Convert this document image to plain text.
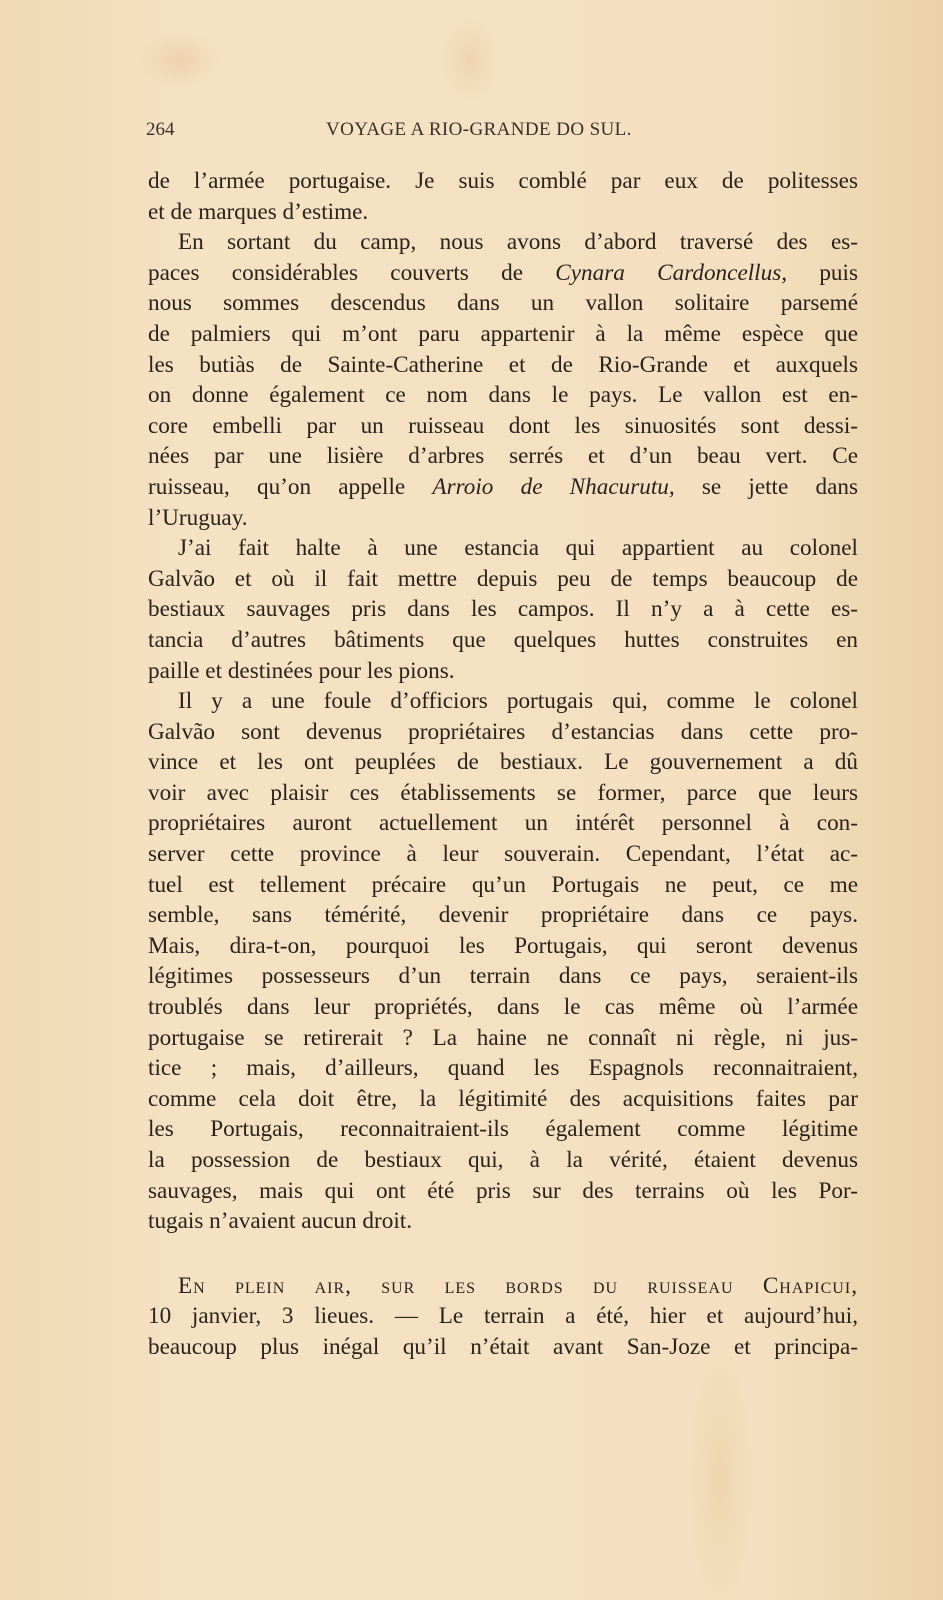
264	VOYAGE A RIO-GRANDE DO SUL.
de l’armée portugaise. Je suis comblé par eux de politesses
et de marques d’estime.
En sortant du camp, nous avons d’abord traversé des es-
paces considérables couverts de Cynara Cardoncellus, puis
nous sommes descendus dans un vallon solitaire parsemé
de palmiers qui m’ont paru appartenir à la même espèce que
les butiàs de Sainte-Catherine et de Rio-Grande et auxquels
on donne également ce nom dans le pays. Le vallon est en-
core embelli par un ruisseau dont les sinuosités sont dessi-
nées par une lisière d’arbres serrés et d’un beau vert. Ce
ruisseau, qu’on appelle Arroio de Nhacurutu, se jette dans
l’Uruguay.
J’ai fait halte à une estancia qui appartient au colonel
Galvão et où il fait mettre depuis peu de temps beaucoup de
bestiaux sauvages pris dans les campos. Il n’y a à cette es-
tancia d’autres bâtiments que quelques huttes construites en
paille et destinées pour les pions.
Il y a une foule d’officiors portugais qui, comme le colonel
Galvão sont devenus propriétaires d’estancias dans cette pro-
vince et les ont peuplées de bestiaux. Le gouvernement a dû
voir avec plaisir ces établissements se former, parce que leurs
propriétaires auront actuellement un intérêt personnel à con-
server cette province à leur souverain. Cependant, l’état ac-
tuel est tellement précaire qu’un Portugais ne peut, ce me
semble, sans témérité, devenir propriétaire dans ce pays.
Mais, dira-t-on, pourquoi les Portugais, qui seront devenus
légitimes possesseurs d’un terrain dans ce pays, seraient-ils
troublés dans leur propriétés, dans le cas même où l’armée
portugaise se retirerait ? La haine ne connaît ni règle, ni jus-
tice ; mais, d’ailleurs, quand les Espagnols reconnaitraient,
comme cela doit être, la légitimité des acquisitions faites par
les Portugais, reconnaitraient-ils également comme légitime
la possession de bestiaux qui, à la vérité, étaient devenus
sauvages, mais qui ont été pris sur des terrains où les Por-
tugais n’avaient aucun droit.
En plein air, sur les bords du ruisseau Chapicui,
10 janvier, 3 lieues. — Le terrain a été, hier et aujourd’hui,
beaucoup plus inégal qu’il n’était avant San-Joze et principa-
